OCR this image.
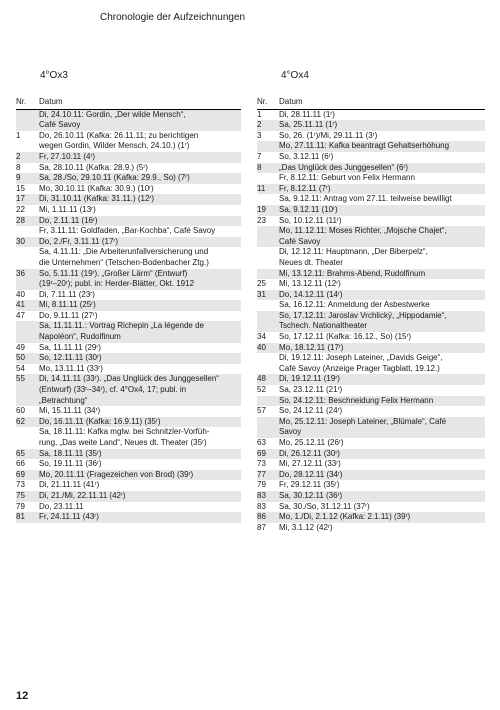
Chronologie der Aufzeichnungen
4°Ox3	4°Ox4
Nr.	Datum
Di, 24.10.11: Gordin, „Der wilde Mensch“,
Café Savoy
1	Do, 26.10.11 (Kafka: 26.11.11; zu berichtigen
wegen Gordin, Wilder Mensch, 24.10.) (1ʳ)
2	Fr, 27.10.11 (4ʳ)
8	Sa, 28.10.11 (Kafka: 28.9.) (5ʳ)
9	Sa, 28./So, 29.10.11 (Kafka: 29.9., So) (7ʳ)
15	Mo, 30.10.11 (Kafka: 30.9.) (10ʳ)
17	Di, 31.10.11 (Kafka: 31.11.) (12ʳ)
22	Mi, 1.11.11 (13ʳ)
28	Do, 2.11.11 (16ʳ)
Fr, 3.11.11: Goldfaden, „Bar-Kochba“, Café Savoy
30	Do, 2./Fr, 3.11.11 (17ʳ)
Sa, 4.11.11: „Die Arbeiterunfallversicherung und
die Unternehmen“ (Tetschen-Bodenbacher Ztg.)
36	So, 5.11.11 (19ʳ). „Großer Lärm“ (Entwurf)
(19ʳ–20ʳ); publ. in: Herder-Blätter, Okt. 1912
40	Di, 7.11.11 (23ʳ)
41	Mi, 8.11.11 (25ʳ)
47	Do, 9.11.11 (27ʳ)
Sa, 11.11.11.: Vortrag Richepin „La légende de
Napoléon“, Rudolfinum
49	Sa, 11.11.11 (29ʳ)
50	So, 12.11.11 (30ʳ)
54	Mo, 13.11.11 (33ʳ)
55	Di, 14.11.11 (33ʳ). „Das Unglück des Junggesellen“
(Entwurf) (33ʳ–34ʳ), cf. 4°Ox4, 17; publ. in
„Betrachtung“
60	Mi, 15.11.11 (34ʳ)
62	Do, 16.11.11 (Kafka: 16.9.11) (35ʳ)
Sa, 18.11.11: Kafka mglw. bei Schnitzler-Vorfüh-
rung, „Das weite Land“, Neues dt. Theater (35ʳ)
65	Sa, 18.11.11 (35ʳ)
66	So, 19.11.11 (36ʳ)
69	Mo, 20.11.11 (Fragezeichen von Brod) (39ʳ)
73	Di, 21.11.11 (41ʳ)
75	Di, 21./Mi, 22.11.11 (42ʳ)
79	Do, 23.11.11
81	Fr, 24.11.11 (43ʳ)
Nr.	Datum
1	Di, 28.11.11 (1ʳ)
2	Sa, 25.11.11 (1ʳ)
3	So, 26. (1ʳ)/Mi, 29.11.11 (3ʳ)
Mo, 27.11.11: Kafka beantragt Gehaltserhöhung
7	So, 3.12.11 (6ʳ)
8	„Das Unglück des Junggesellen“ (6ʳ)
Fr, 8.12.11: Geburt von Felix Hermann
11	Fr, 8.12.11 (7ʳ)
Sa, 9.12.11: Antrag vom 27.11. teilweise bewilligt
19	Sa, 9.12.11 (10ʳ)
23	So, 10.12.11 (11ʳ)
Mo, 11.12.11: Moses Richter, „Mojsche Chajet“,
Café Savoy
Di, 12.12.11: Hauptmann, „Der Biberpelz“,
Neues dt. Theater
Mi, 13.12.11: Brahms-Abend, Rudolfinum
25	Mi, 13.12.11 (12ʳ)
31	Do, 14.12.11 (14ʳ)
Sa, 16.12.11: Anmeldung der Asbestwerke
So, 17.12.11: Jaroslav Vrchlický, „Hippodamie“,
Tschech. Nationaltheater
34	So, 17.12.11 (Kafka: 16.12., So) (15ʳ)
40	Mo, 18.12.11 (17ʳ)
Di, 19.12.11: Joseph Lateiner, „Davids Geige“,
Café Savoy (Anzeige Prager Tagblatt, 19.12.)
48	Di, 19.12.11 (19ʳ)
52	Sa, 23.12.11 (21ʳ)
So, 24.12.11: Beschneidung Felix Hermann
57	So, 24.12.11 (24ʳ)
Mo, 25.12.11: Joseph Lateiner, „Blümale“, Café
Savoy
63	Mo, 25.12.11 (26ʳ)
69	Di, 26.12.11 (30ʳ)
73	Mi, 27.12.11 (33ʳ)
77	Do, 28.12.11 (34ʳ)
79	Fr, 29.12.11 (35ʳ)
83	Sa, 30.12.11 (36ʳ)
83	Sa, 30./So, 31.12.11 (37ʳ)
86	Mo, 1./Di, 2.1.12 (Kafka: 2.1.11) (39ʳ)
87	Mi, 3.1.12 (42ʳ)
12
